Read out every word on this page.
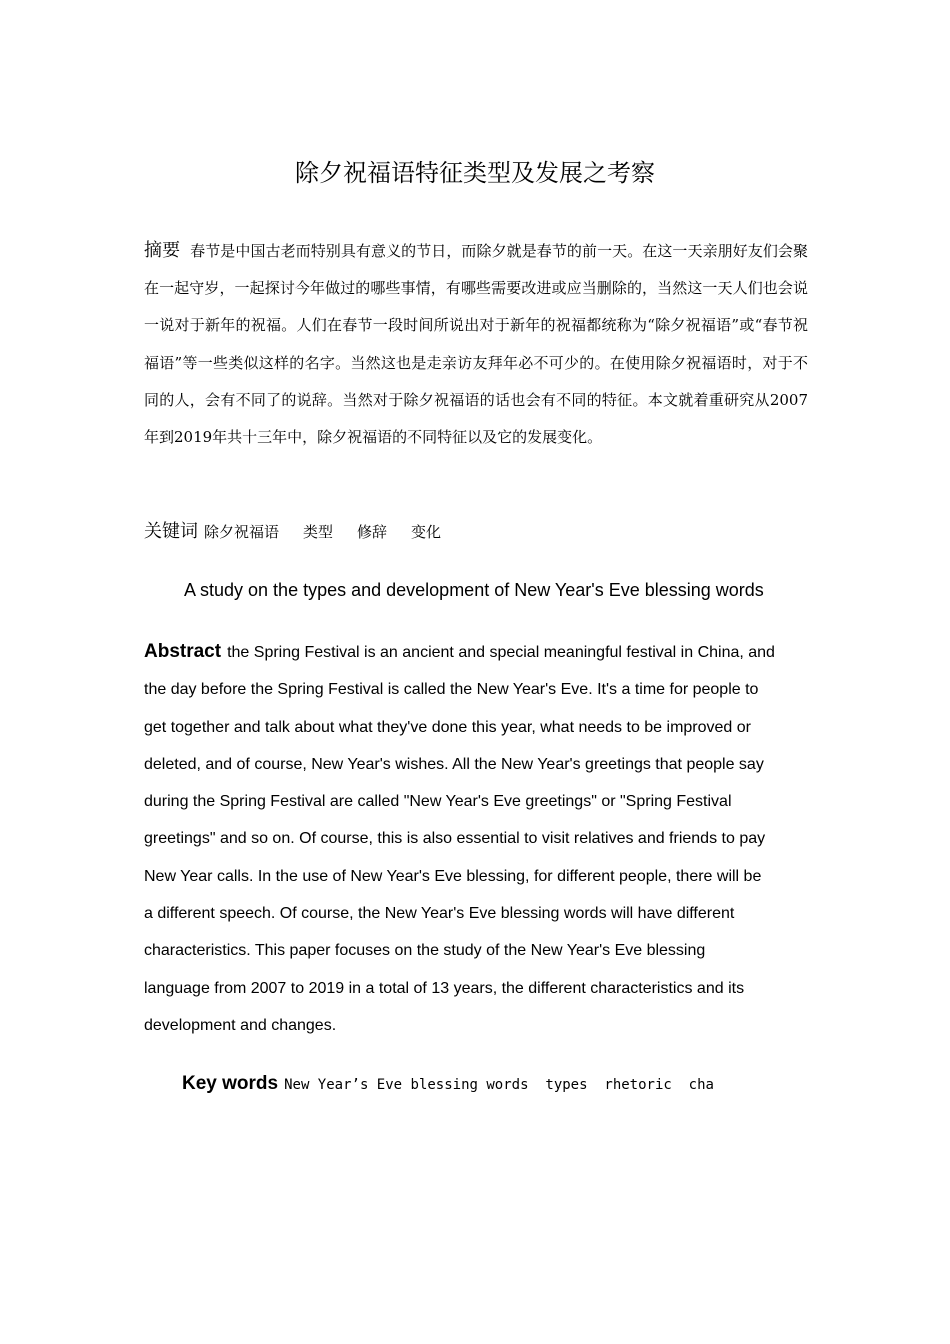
除夕祝福语特征类型及发展之考察

摘要 春节是中国古老而特别具有意义的节日，而除夕就是春节的前一天。在这一天亲朋好友们会聚在一起守岁，一起探讨今年做过的哪些事情，有哪些需要改进或应当删除的，当然这一天人们也会说一说对于新年的祝福。人们在春节一段时间所说出对于新年的祝福都统称为“除夕祝福语”或“春节祝福语”等一些类似这样的名字。当然这也是走亲访友拜年必不可少的。在使用除夕祝福语时，对于不同的人，会有不同了的说辞。当然对于除夕祝福语的话也会有不同的特征。本文就着重研究从2007年到2019年共十三年中，除夕祝福语的不同特征以及它的发展变化。

关键词 除夕祝福语 类型 修辞 变化

A study on the types and development of New Year's Eve blessing words

Abstract the Spring Festival is an ancient and special meaningful festival in China, and
the day before the Spring Festival is called the New Year's Eve. It's a time for people to
get together and talk about what they've done this year, what needs to be improved or
deleted, and of course, New Year's wishes. All the New Year's greetings that people say
during the Spring Festival are called "New Year's Eve greetings" or "Spring Festival
greetings" and so on. Of course, this is also essential to visit relatives and friends to pay
New Year calls. In the use of New Year's Eve blessing, for different people, there will be
a different speech. Of course, the New Year's Eve blessing words will have different
characteristics. This paper focuses on the study of the New Year's Eve blessing
language from 2007 to 2019 in a total of 13 years, the different characteristics and its
development and changes.

Key words New Year’s Eve blessing words  types  rhetoric  cha
